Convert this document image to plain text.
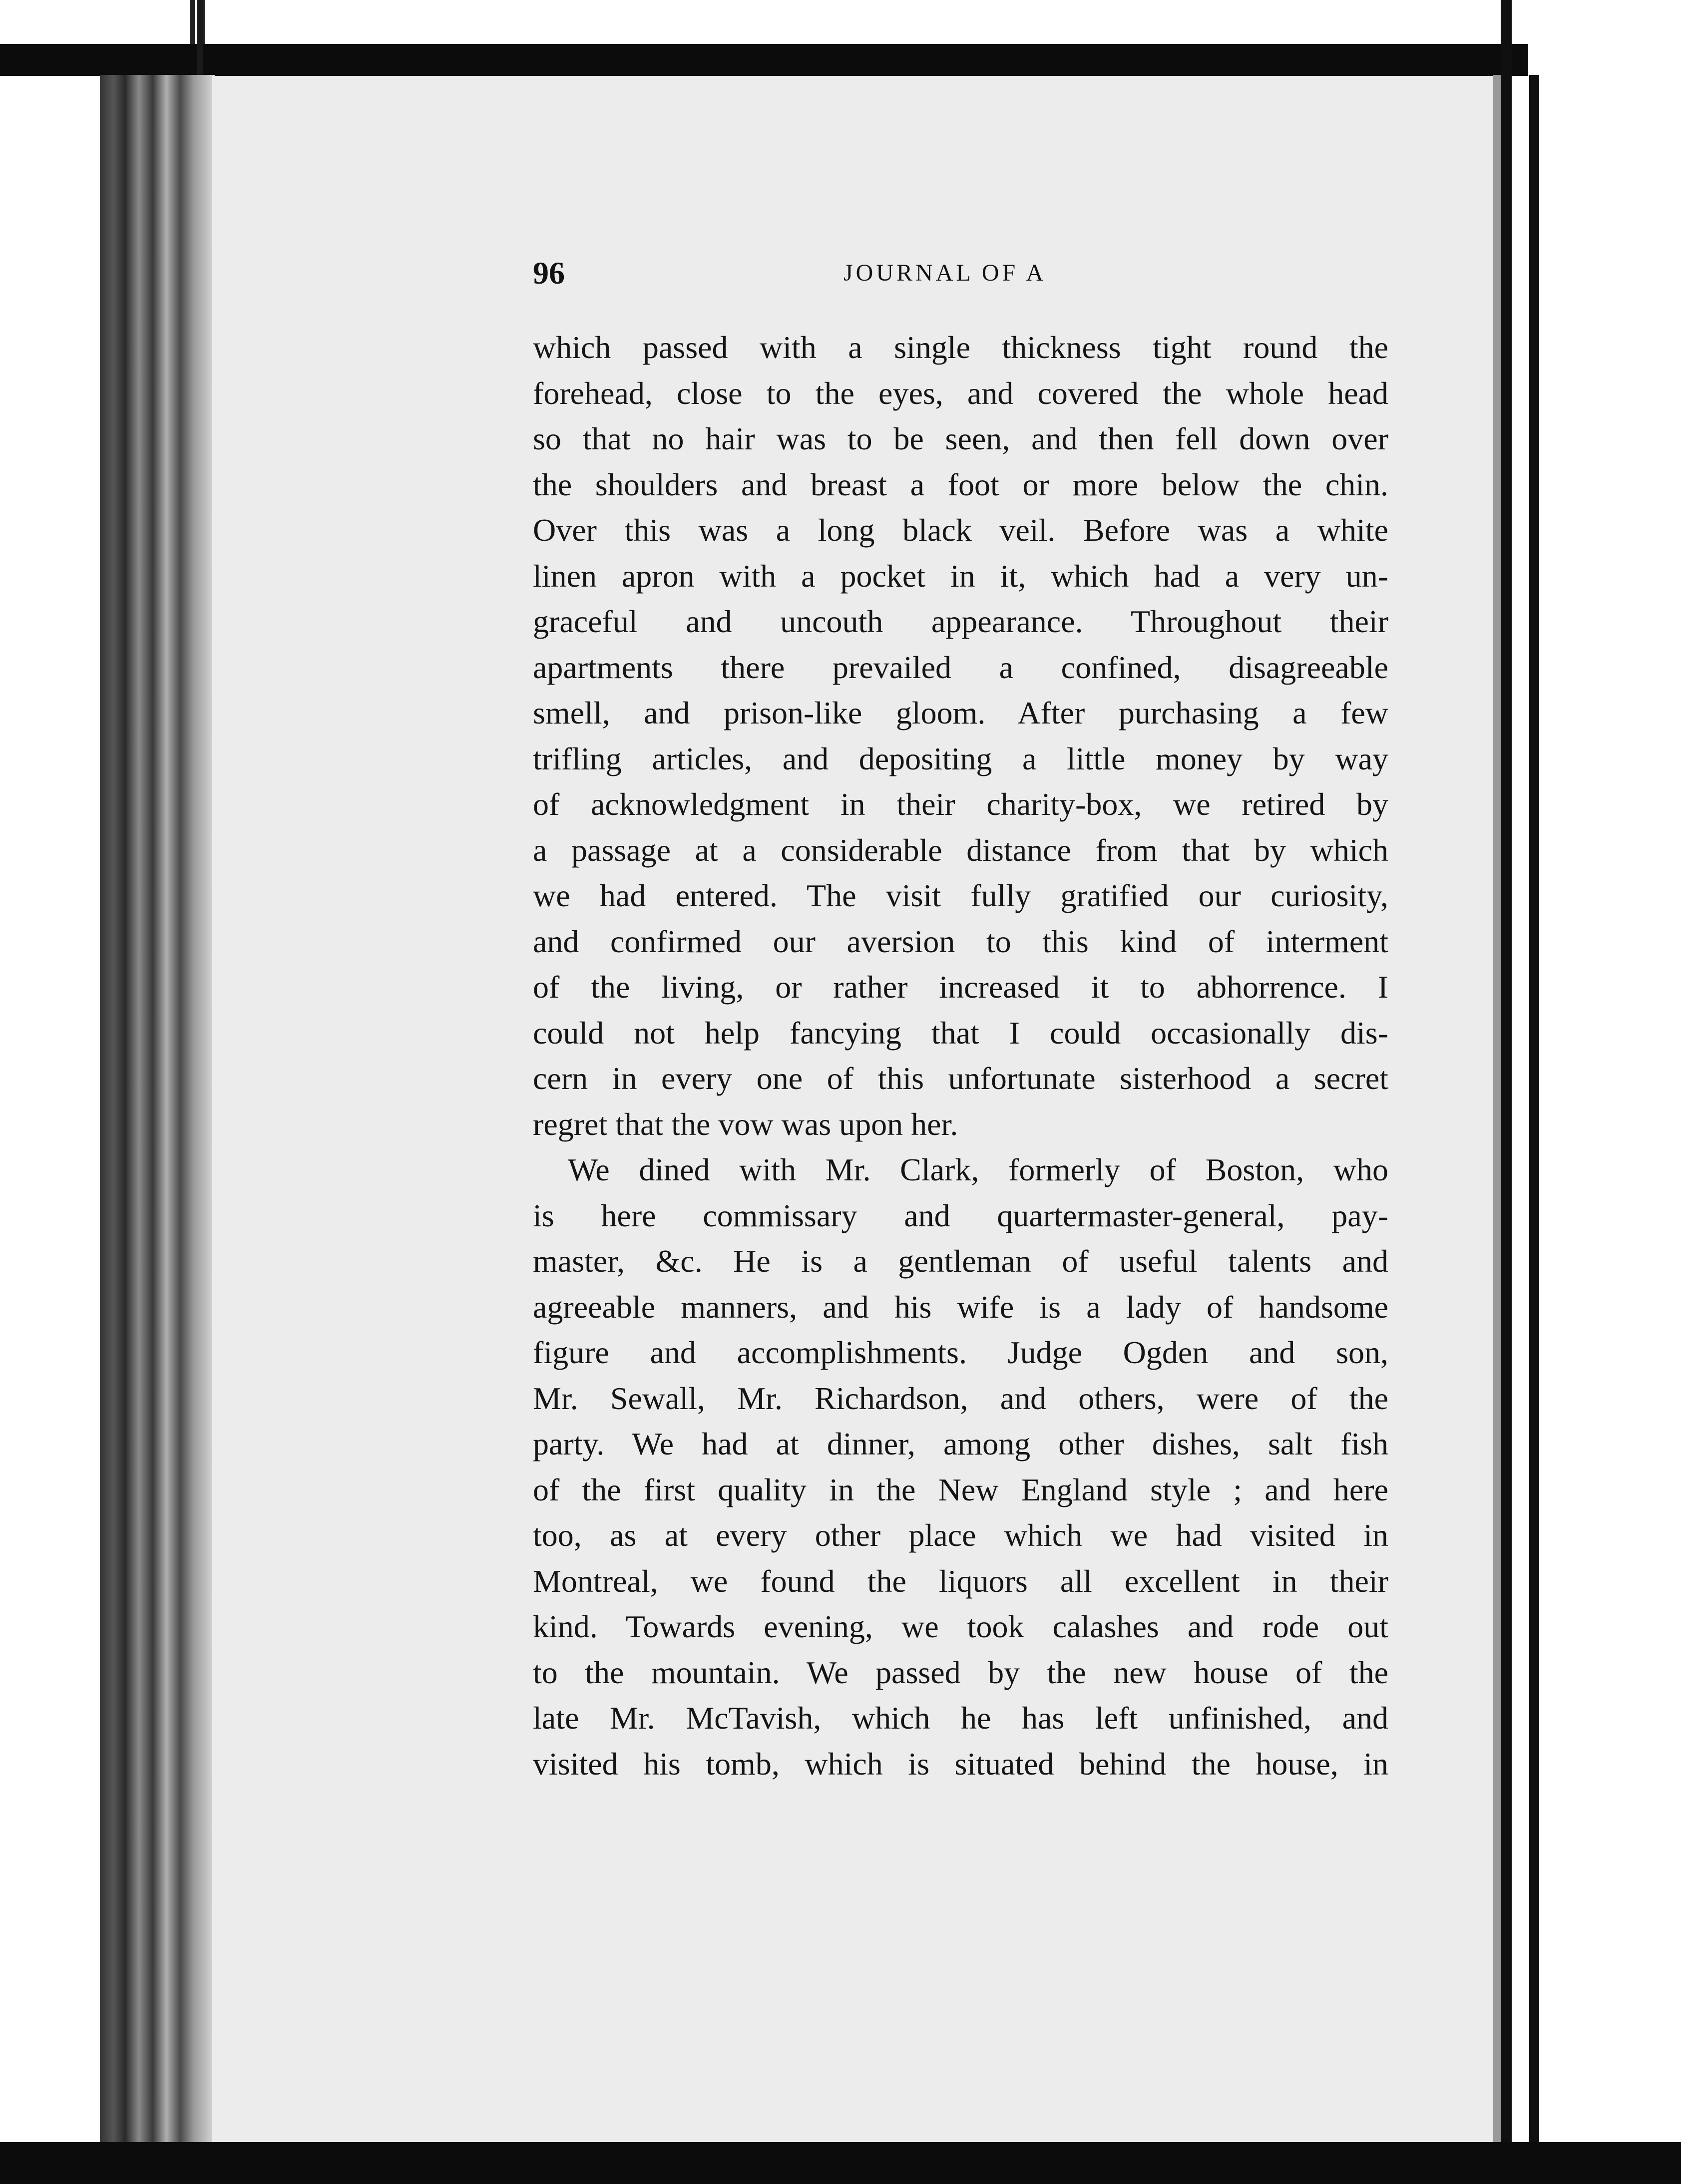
96	JOURNAL OF A
which passed with a single thickness tight round the
forehead, close to the eyes, and covered the whole head
so that no hair was to be seen, and then fell down over
the shoulders and breast a foot or more below the chin.
Over this was a long black veil. Before was a white
linen apron with a pocket in it, which had a very un-
graceful and uncouth appearance. Throughout their
apartments there prevailed a confined, disagreeable
smell, and prison-like gloom. After purchasing a few
trifling articles, and depositing a little money by way
of acknowledgment in their charity-box, we retired by
a passage at a considerable distance from that by which
we had entered. The visit fully gratified our curiosity,
and confirmed our aversion to this kind of interment
of the living, or rather increased it to abhorrence. I
could not help fancying that I could occasionally dis-
cern in every one of this unfortunate sisterhood a secret
regret that the vow was upon her.
We dined with Mr. Clark, formerly of Boston, who
is here commissary and quartermaster-general, pay-
master, &c. He is a gentleman of useful talents and
agreeable manners, and his wife is a lady of handsome
figure and accomplishments. Judge Ogden and son,
Mr. Sewall, Mr. Richardson, and others, were of the
party. We had at dinner, among other dishes, salt fish
of the first quality in the New England style ; and here
too, as at every other place which we had visited in
Montreal, we found the liquors all excellent in their
kind. Towards evening, we took calashes and rode out
to the mountain. We passed by the new house of the
late Mr. McTavish, which he has left unfinished, and
visited his tomb, which is situated behind the house, in
